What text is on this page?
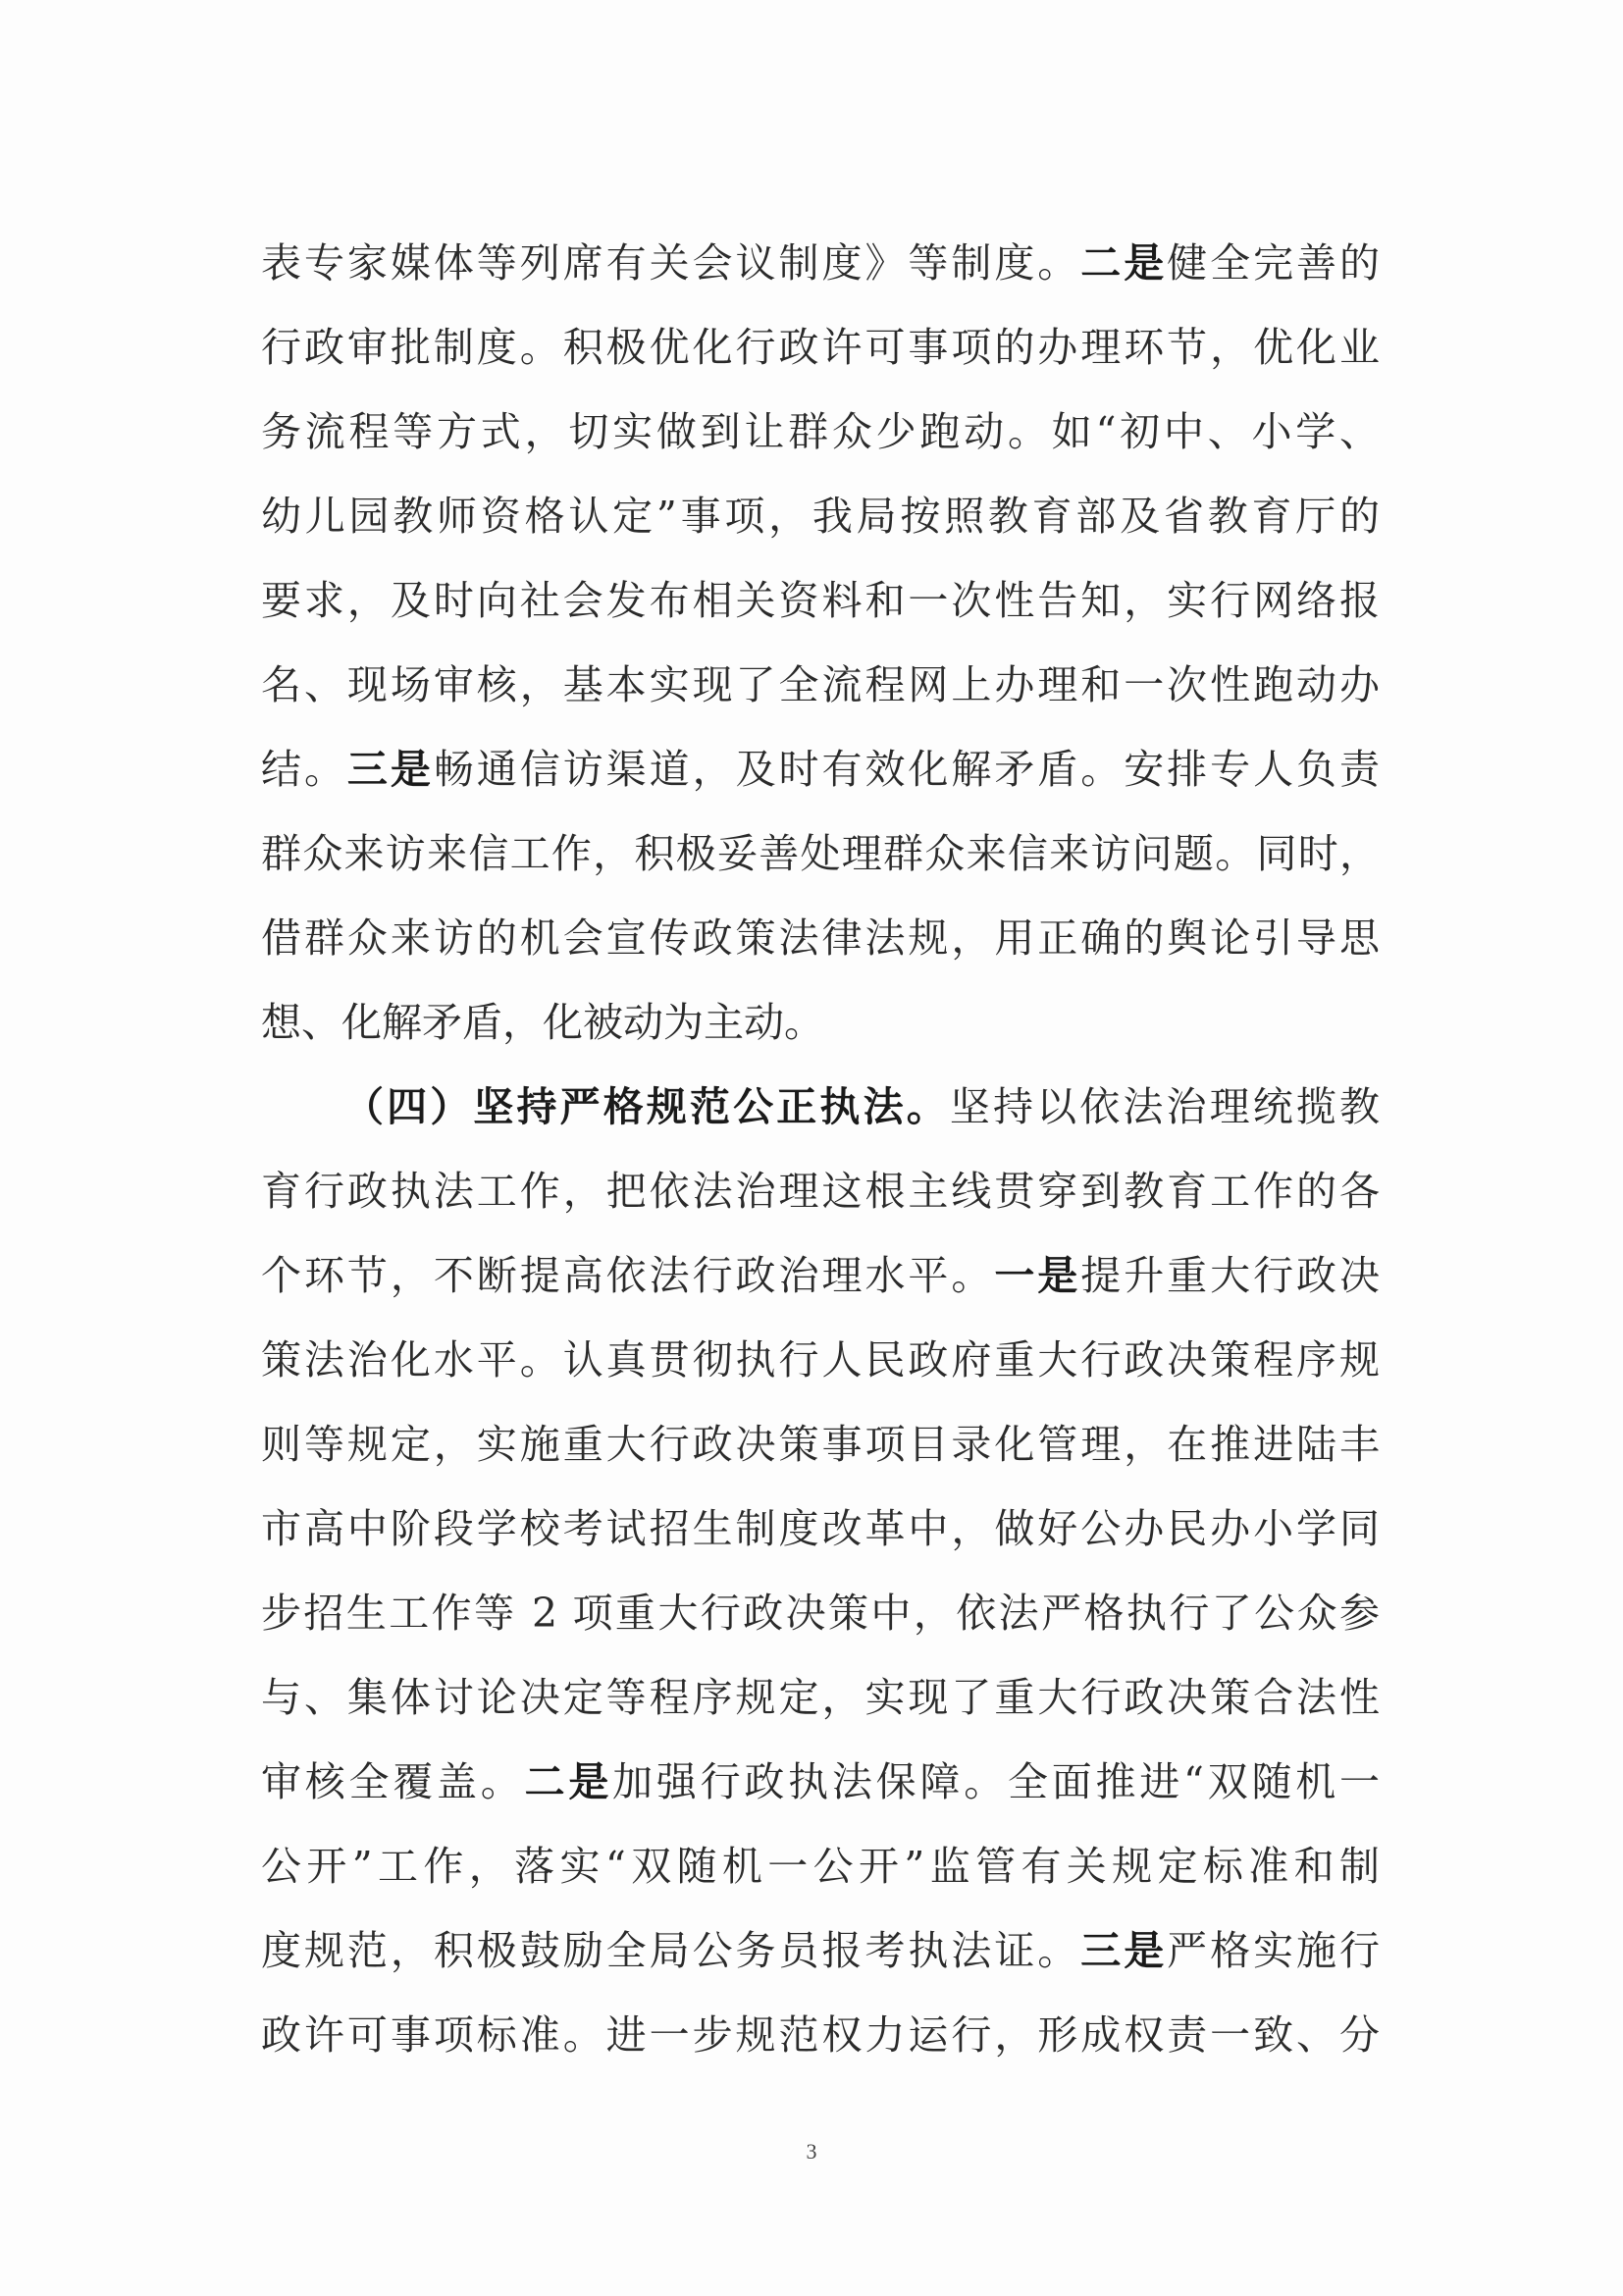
表专家媒体等列席有关会议制度》等制度。二是健全完善的
行政审批制度。积极优化行政许可事项的办理环节，优化业
务流程等方式，切实做到让群众少跑动。如“初中、小学、
幼儿园教师资格认定”事项，我局按照教育部及省教育厅的
要求，及时向社会发布相关资料和一次性告知，实行网络报
名、现场审核，基本实现了全流程网上办理和一次性跑动办
结。三是畅通信访渠道，及时有效化解矛盾。安排专人负责
群众来访来信工作，积极妥善处理群众来信来访问题。同时，
借群众来访的机会宣传政策法律法规，用正确的舆论引导思
想、化解矛盾，化被动为主动。
（四）坚持严格规范公正执法。坚持以依法治理统揽教
育行政执法工作，把依法治理这根主线贯穿到教育工作的各
个环节，不断提高依法行政治理水平。一是提升重大行政决
策法治化水平。认真贯彻执行人民政府重大行政决策程序规
则等规定，实施重大行政决策事项目录化管理，在推进陆丰
市高中阶段学校考试招生制度改革中，做好公办民办小学同
步招生工作等 2 项重大行政决策中，依法严格执行了公众参
与、集体讨论决定等程序规定，实现了重大行政决策合法性
审核全覆盖。二是加强行政执法保障。全面推进“双随机一
公开”工作，落实“双随机一公开”监管有关规定标准和制
度规范，积极鼓励全局公务员报考执法证。三是严格实施行
政许可事项标准。进一步规范权力运行，形成权责一致、分
3
